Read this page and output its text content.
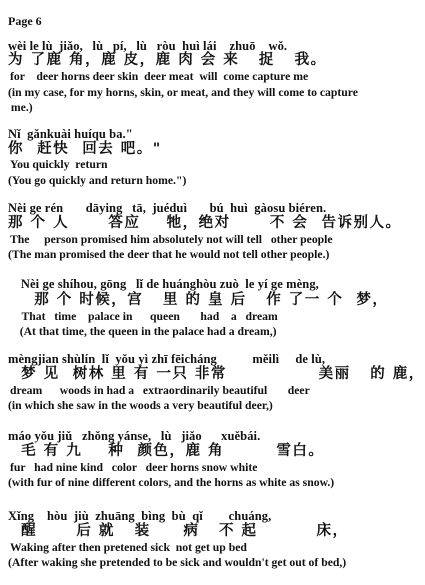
Page 6
wèi le lù  jiǎo,   lù   pí,   lù   ròu  huì lái    zhuō    wǒ.
为 了鹿 角，鹿 皮，鹿 肉 会 来   捉   我。
for    deer horns deer skin  deer meat  will  come capture me
(in my case, for my horns, skin, or meat, and they will come to capture
me.)
Nǐ  gǎnkuài huíqu ba."
你  赶快  回去 吧。"
You quickly  return
(You go quickly and return home.")
Nèi ge rén       dāying   tā,  juéduì       bú  huì  gàosu biéren.
那 个 人      答应    牠，绝对      不 会  告诉别人。
The     person promised him absolutely not will tell   other people
(The man promised the deer that he would not tell other people.)
Nèi ge shíhou, gōng   lǐ de huánghòu zuò  le yí ge mèng,
那 个 时候，宫   里 的 皇 后   作 了一 个  梦，
That   time    palace in      queen       had    a   dream
(At that time, the queen in the palace had a dream,)
mèngjian shùlín  lǐ  yǒu yì zhī fēicháng           měilì     de lù,
梦 见  树林 里 有 一只 非常              美丽   的 鹿，
dream      woods in had a   extraordinarily beautiful       deer
(in which she saw in the woods a very beautiful deer,)
máo yǒu jiǔ   zhǒng yánse,   lù   jiǎo      xuěbái.
毛 有 九    种  颜色，鹿 角        雪白。
fur   had nine kind   color   deer horns snow white
(with fur of nine different colors, and the horns as white as snow.)
Xǐng    hòu  jiù  zhuāng  bìng  bù  qǐ        chuáng,
醒      后 就   装     病   不 起         床，
Waking after then pretened sick  not get up bed
(After waking she pretended to be sick and wouldn't get out of bed,)
